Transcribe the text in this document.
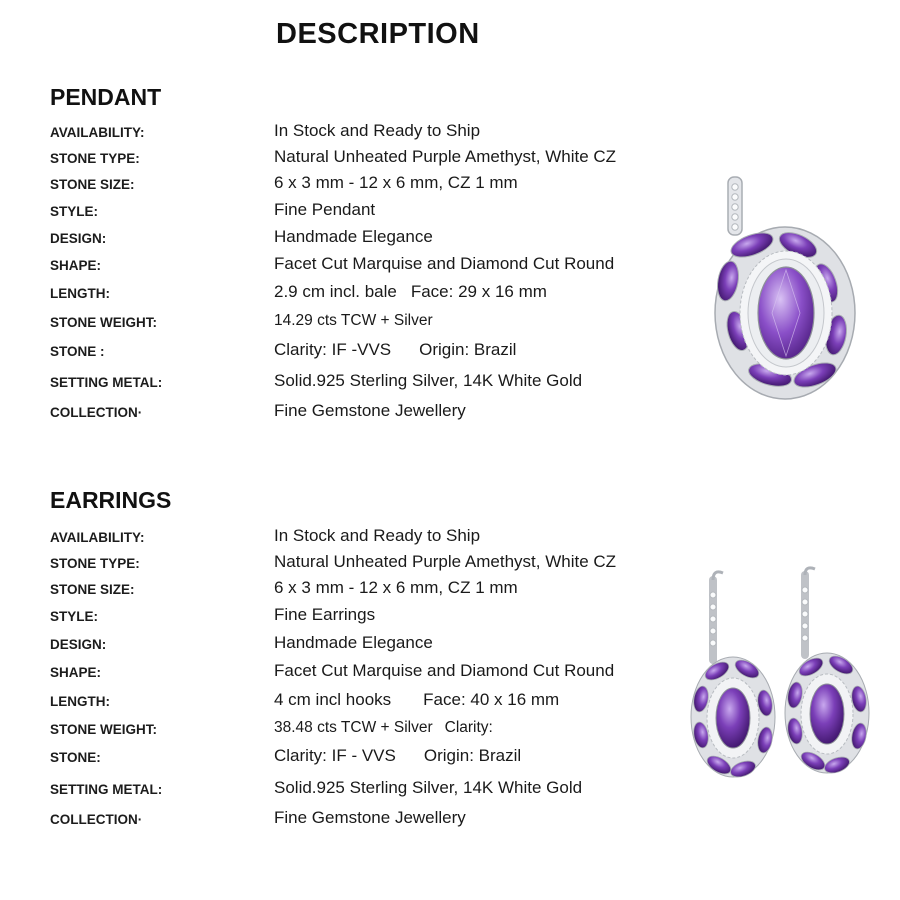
DESCRIPTION
PENDANT
AVAILABILITY:	In Stock and Ready to Ship
STONE TYPE:	Natural Unheated Purple Amethyst, White CZ
STONE SIZE:	6 x 3 mm - 12 x 6 mm, CZ 1 mm
STYLE:	Fine Pendant
DESIGN:	Handmade Elegance
SHAPE:	Facet Cut Marquise and Diamond Cut Round
LENGTH:	2.9 cm incl. bale Face: 29 x 16 mm
STONE WEIGHT:	14.29 cts TCW + Silver
STONE :	Clarity: IF -VVS Origin: Brazil
SETTING METAL:	Solid.925 Sterling Silver, 14K White Gold
COLLECTION·	Fine Gemstone Jewellery
EARRINGS
AVAILABILITY:	In Stock and Ready to Ship
STONE TYPE:	Natural Unheated Purple Amethyst, White CZ
STONE SIZE:	6 x 3 mm - 12 x 6 mm, CZ 1 mm
STYLE:	Fine Earrings
DESIGN:	Handmade Elegance
SHAPE:	Facet Cut Marquise and Diamond Cut Round
LENGTH:	4 cm incl hooks Face: 40 x 16 mm
STONE WEIGHT:	38.48 cts TCW + Silver Clarity:
STONE:	Clarity: IF - VVS Origin: Brazil
SETTING METAL:	Solid.925 Sterling Silver, 14K White Gold
COLLECTION·	Fine Gemstone Jewellery
